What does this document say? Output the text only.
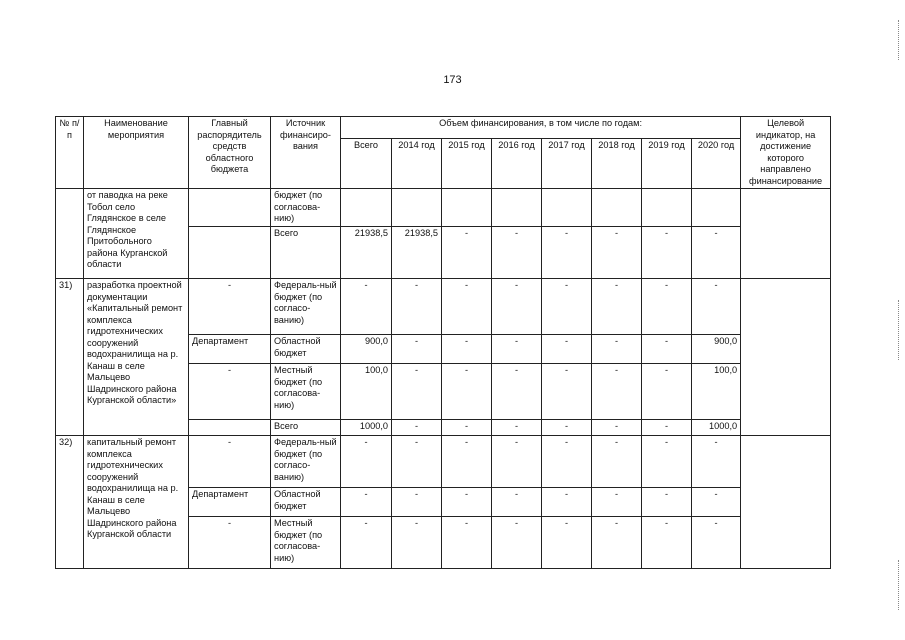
173
№ п/п	Наименование мероприятия	Главный распорядитель средств областного бюджета	Источник финансиро-вания	Объем финансирования, в том числе по годам:								Целевой индикатор, на достижение которого направлено финансирование
				Всего	2014 год	2015 год	2016 год	2017 год	2018 год	2019 год	2020 год	
	от паводка на реке Тобол село Глядянское в селе Глядянское Притобольного района Курганской области		бюджет (по согласова-нию)									
			Всего	21938,5	21938,5	-	-	-	-	-	-	
31)	разработка проектной документации «Капитальный ремонт комплекса гидротехнических сооружений водохранилища на р. Канаш в селе Мальцево Шадринского района Курганской области»	-	Федераль-ный бюджет (по согласо-ванию)	-	-	-	-	-	-	-	-	
		Департамент	Областной бюджет	900,0	-	-	-	-	-	-	900,0	
		-	Местный бюджет (по согласова-нию)	100,0	-	-	-	-	-	-	100,0	
			Всего	1000,0	-	-	-	-	-	-	1000,0	
32)	капитальный ремонт комплекса гидротехнических сооружений водохранилища на р. Канаш в селе Мальцево Шадринского района Курганской области	-	Федераль-ный бюджет (по согласо-ванию)	-	-	-	-	-	-	-	-	
		Департамент	Областной бюджет	-	-	-	-	-	-	-	-	
		-	Местный бюджет (по согласова-нию)	-	-	-	-	-	-	-	-	
